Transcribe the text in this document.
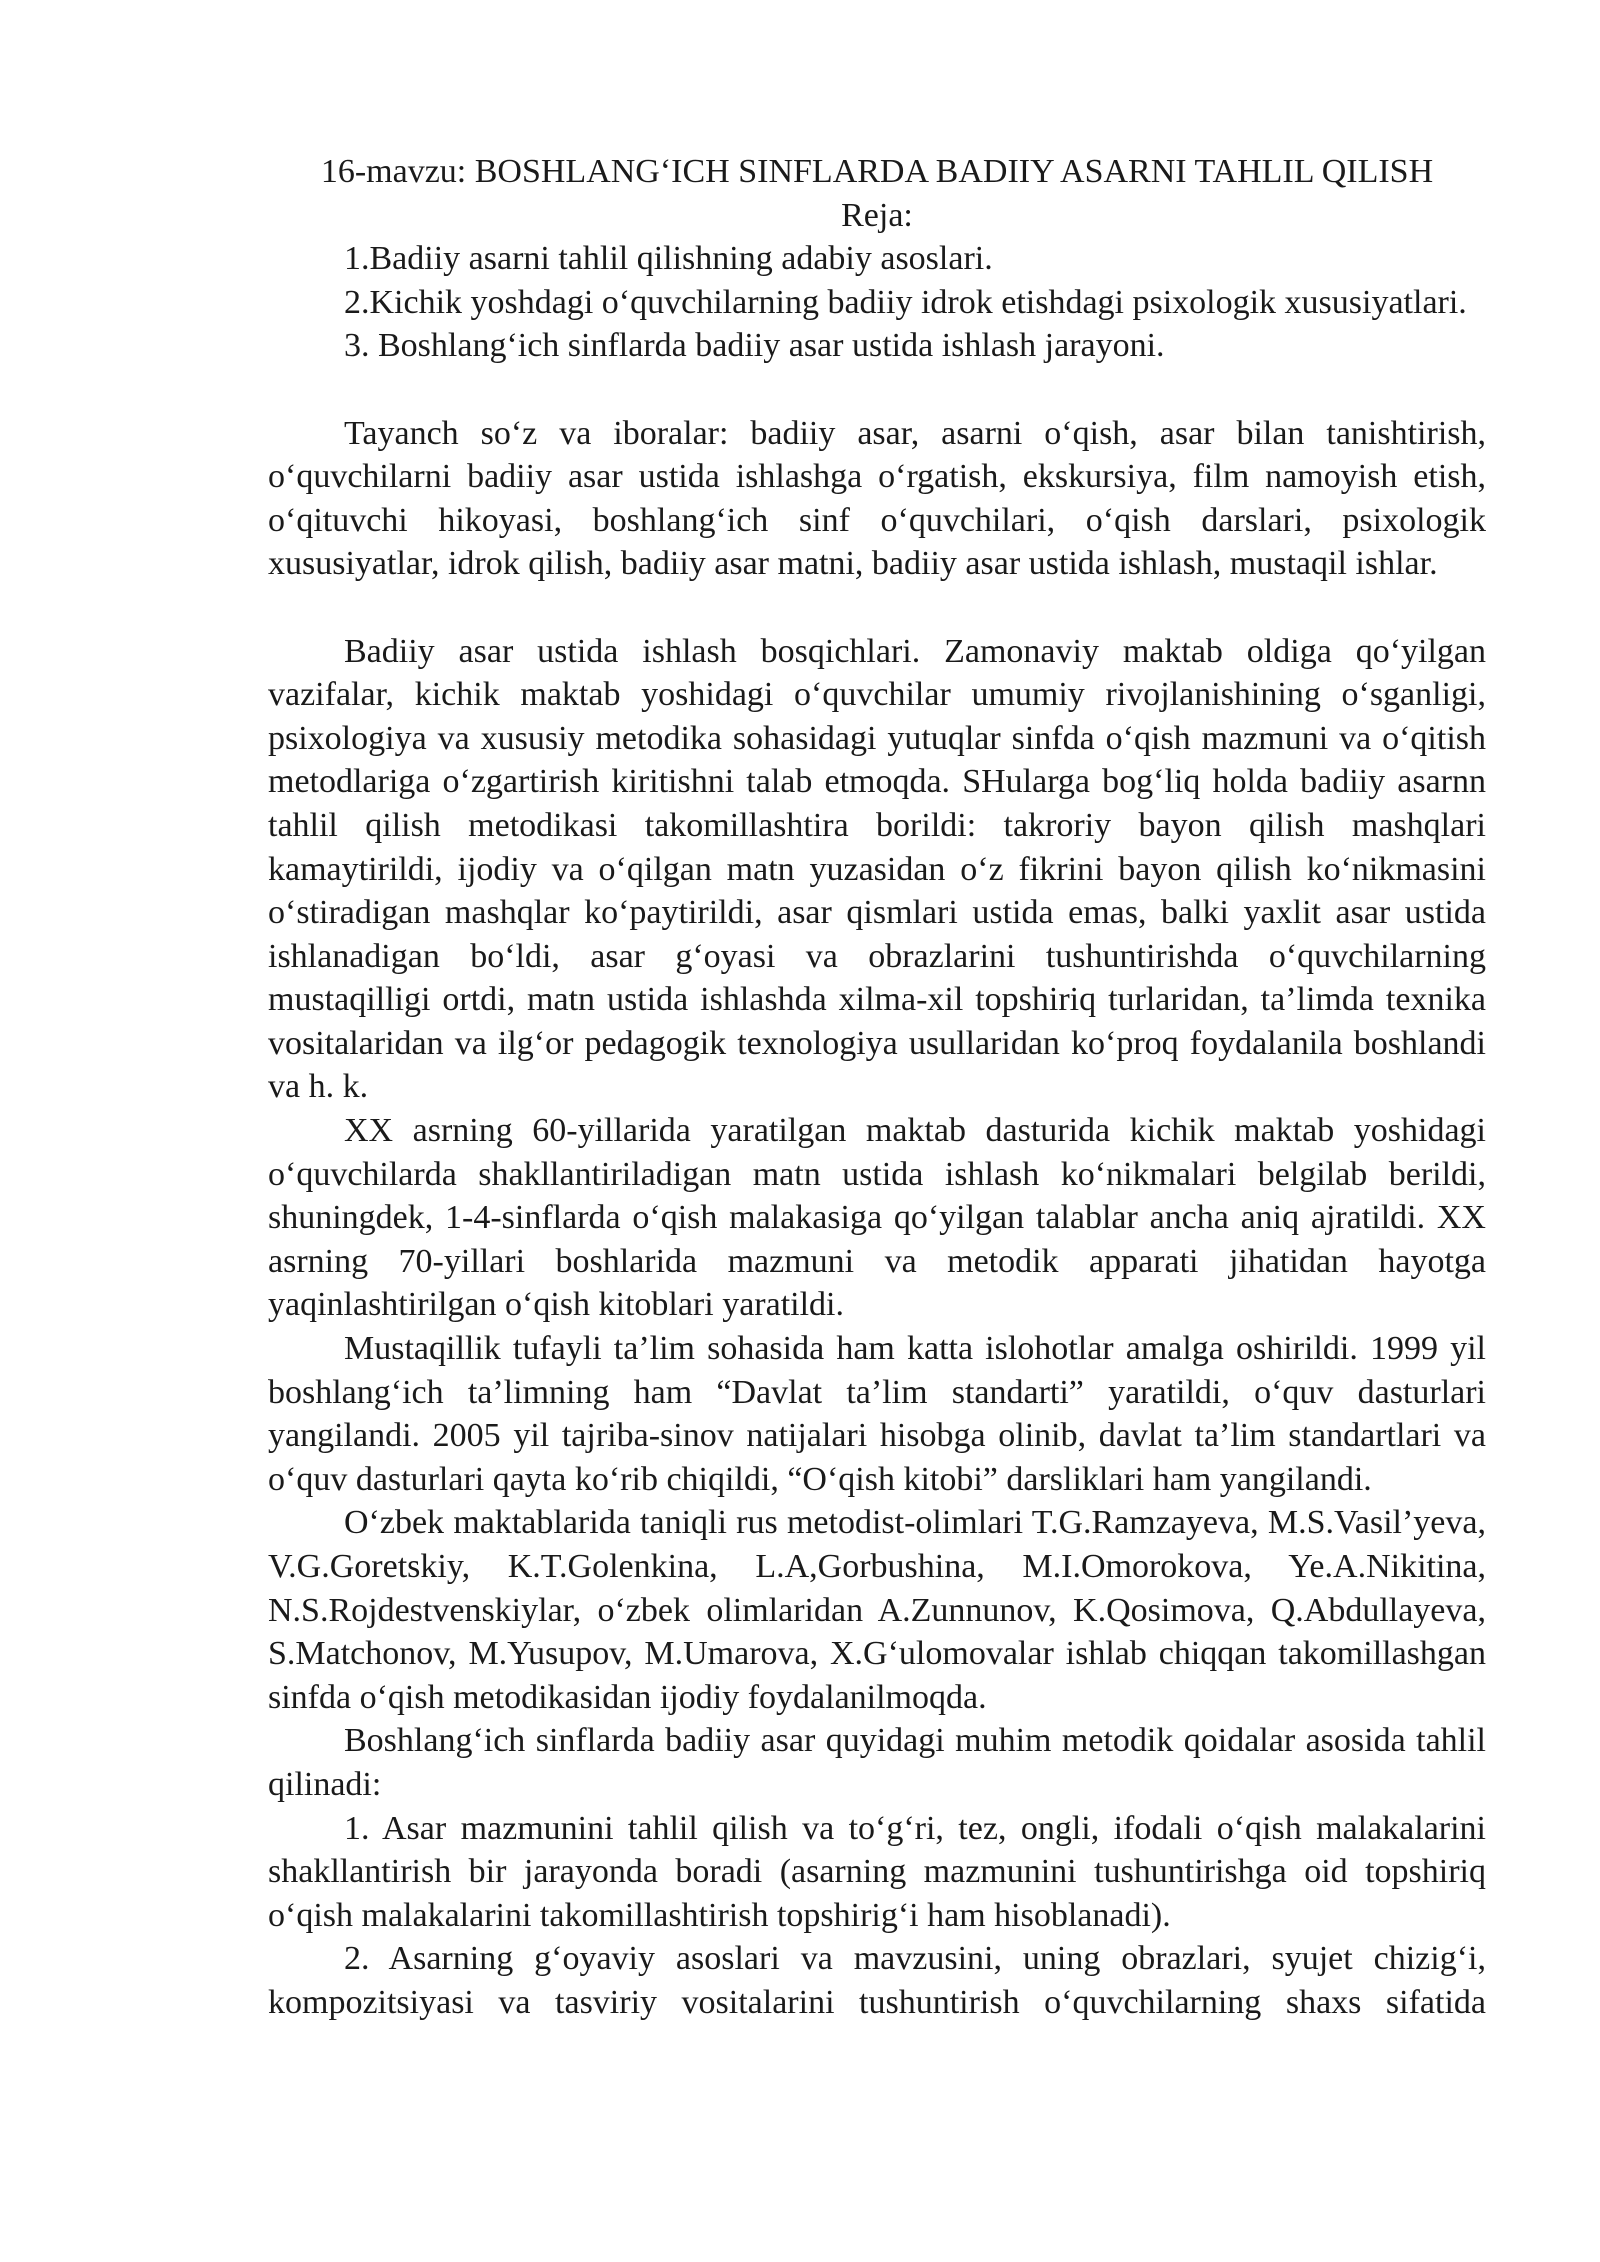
16-mavzu: BOSHLANG‘ICH SINFLARDA BADIIY ASARNI TAHLIL QILISH

Reja:

1.Badiiy asarni tahlil qilishning adabiy asoslari.

2.Kichik yoshdagi o‘quvchilarning badiiy idrok etishdagi psixologik xususiyatlari.

3. Boshlang‘ich sinflarda badiiy asar ustida ishlash jarayoni.

Tayanch so‘z va iboralar: badiiy asar, asarni o‘qish, asar bilan tanishtirish, o‘quvchilarni badiiy asar ustida ishlashga o‘rgatish, ekskursiya, film namoyish etish, o‘qituvchi hikoyasi, boshlang‘ich sinf o‘quvchilari, o‘qish darslari, psixologik xususiyatlar, idrok qilish, badiiy asar matni, badiiy asar ustida ishlash, mustaqil ishlar.

Badiiy asar ustida ishlash bosqichlari. Zamonaviy maktab oldiga qo‘yilgan vazifalar, kichik maktab yoshidagi o‘quvchilar umumiy rivojlanishining o‘sganligi, psixologiya va xususiy metodika sohasidagi yutuqlar sinfda o‘qish mazmuni va o‘qitish metodlariga o‘zgartirish kiritishni talab etmoqda. SHularga bog‘liq holda badiiy asarnn tahlil qilish metodikasi takomillashtira borildi: takroriy bayon qilish mashqlari kamaytirildi, ijodiy va o‘qilgan matn yuzasidan o‘z fikrini bayon qilish ko‘nikmasini o‘stiradigan mashqlar ko‘paytirildi, asar qismlari ustida emas, balki yaxlit asar ustida ishlanadigan bo‘ldi, asar g‘oyasi va obrazlarini tushuntirishda o‘quvchilarning mustaqilligi ortdi, matn ustida ishlashda xilma-xil topshiriq turlaridan, ta’limda texnika vositalaridan va ilg‘or pedagogik texnologiya usullaridan ko‘proq foydalanila boshlandi va h. k.

XX asrning 60-yillarida yaratilgan maktab dasturida kichik maktab yoshidagi o‘quvchilarda shakllantiriladigan matn ustida ishlash ko‘nikmalari belgilab berildi, shuningdek, 1-4-sinflarda o‘qish malakasiga qo‘yilgan talablar ancha aniq ajratildi. XX asrning 70-yillari boshlarida mazmuni va metodik apparati jihatidan hayotga yaqinlashtirilgan o‘qish kitoblari yaratildi.

Mustaqillik tufayli ta’lim sohasida ham katta islohotlar amalga oshirildi. 1999 yil boshlang‘ich ta’limning ham “Davlat ta’lim standarti” yaratildi, o‘quv dasturlari yangilandi. 2005 yil tajriba-sinov natijalari hisobga olinib, davlat ta’lim standartlari va o‘quv dasturlari qayta ko‘rib chiqildi, “O‘qish kitobi” darsliklari ham yangilandi.

O‘zbek maktablarida taniqli rus metodist-olimlari T.G.Ramzayeva, M.S.Vasil’yeva, V.G.Goretskiy, K.T.Golenkina, L.A,Gorbushina, M.I.Omorokova, Ye.A.Nikitina, N.S.Rojdestvenskiylar, o‘zbek olimlaridan A.Zunnunov, K.Qosimova, Q.Abdullayeva, S.Matchonov, M.Yusupov, M.Umarova, X.G‘ulomovalar ishlab chiqqan takomillashgan sinfda o‘qish metodikasidan ijodiy foydalanilmoqda.

Boshlang‘ich sinflarda badiiy asar quyidagi muhim metodik qoidalar asosida tahlil qilinadi:

1. Asar mazmunini tahlil qilish va to‘g‘ri, tez, ongli, ifodali o‘qish malakalarini shakllantirish bir jarayonda boradi (asarning mazmunini tushuntirishga oid topshiriq o‘qish malakalarini takomillashtirish topshirig‘i ham hisoblanadi).

2. Asarning g‘oyaviy asoslari va mavzusini, uning obrazlari, syujet chizig‘i, kompozitsiyasi va tasviriy vositalarini tushuntirish o‘quvchilarning shaxs sifatida
